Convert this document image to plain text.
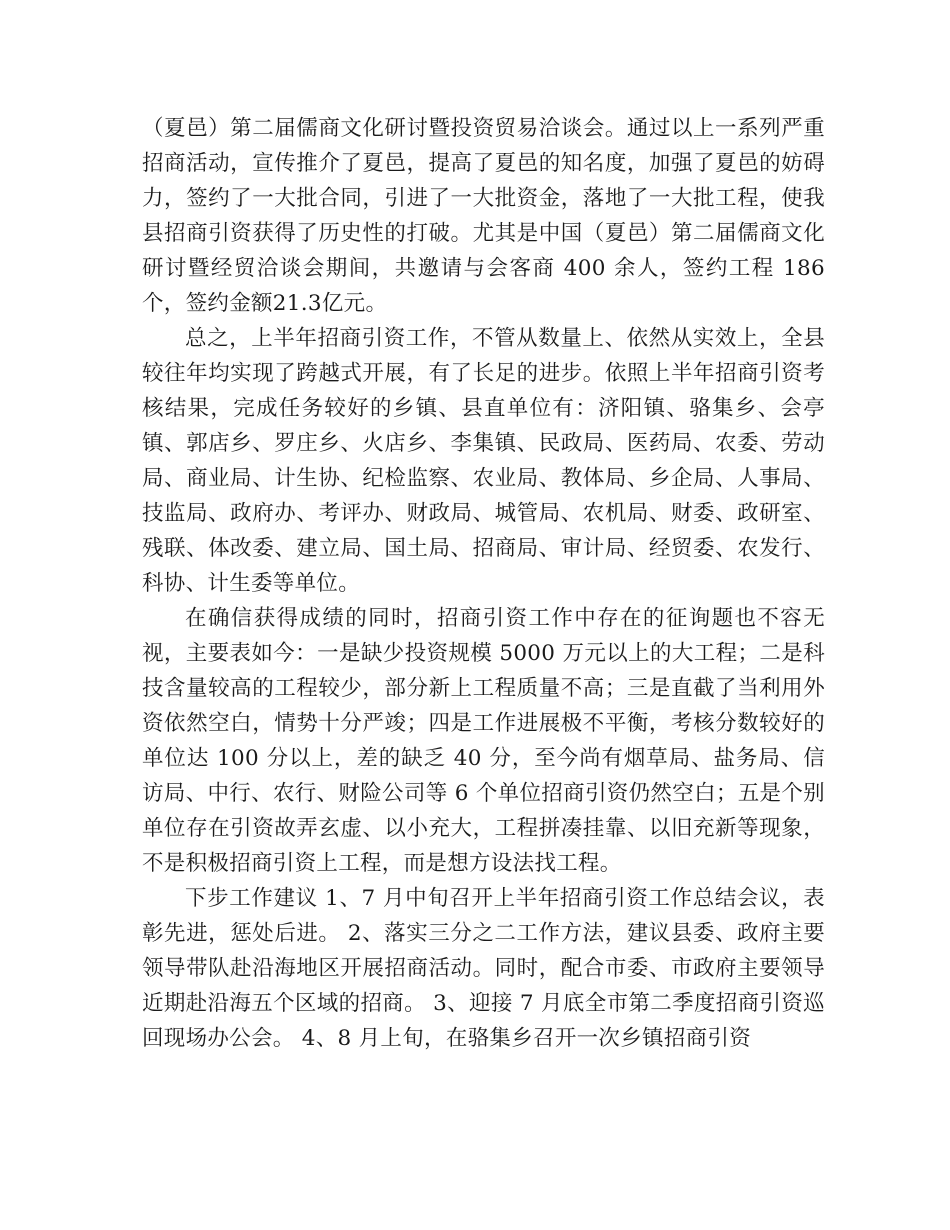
（夏邑）第二届儒商文化研讨暨投资贸易洽谈会。通过以上一系列严重招商活动，宣传推介了夏邑，提高了夏邑的知名度，加强了夏邑的妨碍力，签约了一大批合同，引进了一大批资金，落地了一大批工程，使我县招商引资获得了历史性的打破。尤其是中国（夏邑）第二届儒商文化研讨暨经贸洽谈会期间，共邀请与会客商 400 余人，签约工程 186 个，签约金额21.3亿元。

总之，上半年招商引资工作，不管从数量上、依然从实效上，全县较往年均实现了跨越式开展，有了长足的进步。依照上半年招商引资考核结果，完成任务较好的乡镇、县直单位有：济阳镇、骆集乡、会亭镇、郭店乡、罗庄乡、火店乡、李集镇、民政局、医药局、农委、劳动局、商业局、计生协、纪检监察、农业局、教体局、乡企局、人事局、技监局、政府办、考评办、财政局、城管局、农机局、财委、政研室、残联、体改委、建立局、国土局、招商局、审计局、经贸委、农发行、科协、计生委等单位。

在确信获得成绩的同时，招商引资工作中存在的征询题也不容无视，主要表如今：一是缺少投资规模 5000 万元以上的大工程；二是科技含量较高的工程较少，部分新上工程质量不高；三是直截了当利用外资依然空白，情势十分严竣；四是工作进展极不平衡，考核分数较好的单位达 100 分以上，差的缺乏 40 分，至今尚有烟草局、盐务局、信访局、中行、农行、财险公司等 6 个单位招商引资仍然空白；五是个别单位存在引资故弄玄虚、以小充大，工程拼凑挂靠、以旧充新等现象，不是积极招商引资上工程，而是想方设法找工程。

下步工作建议 1、7 月中旬召开上半年招商引资工作总结会议，表彰先进，惩处后进。 2、落实三分之二工作方法，建议县委、政府主要领导带队赴沿海地区开展招商活动。同时，配合市委、市政府主要领导近期赴沿海五个区域的招商。 3、迎接 7 月底全市第二季度招商引资巡回现场办公会。 4、8 月上旬，在骆集乡召开一次乡镇招商引资
